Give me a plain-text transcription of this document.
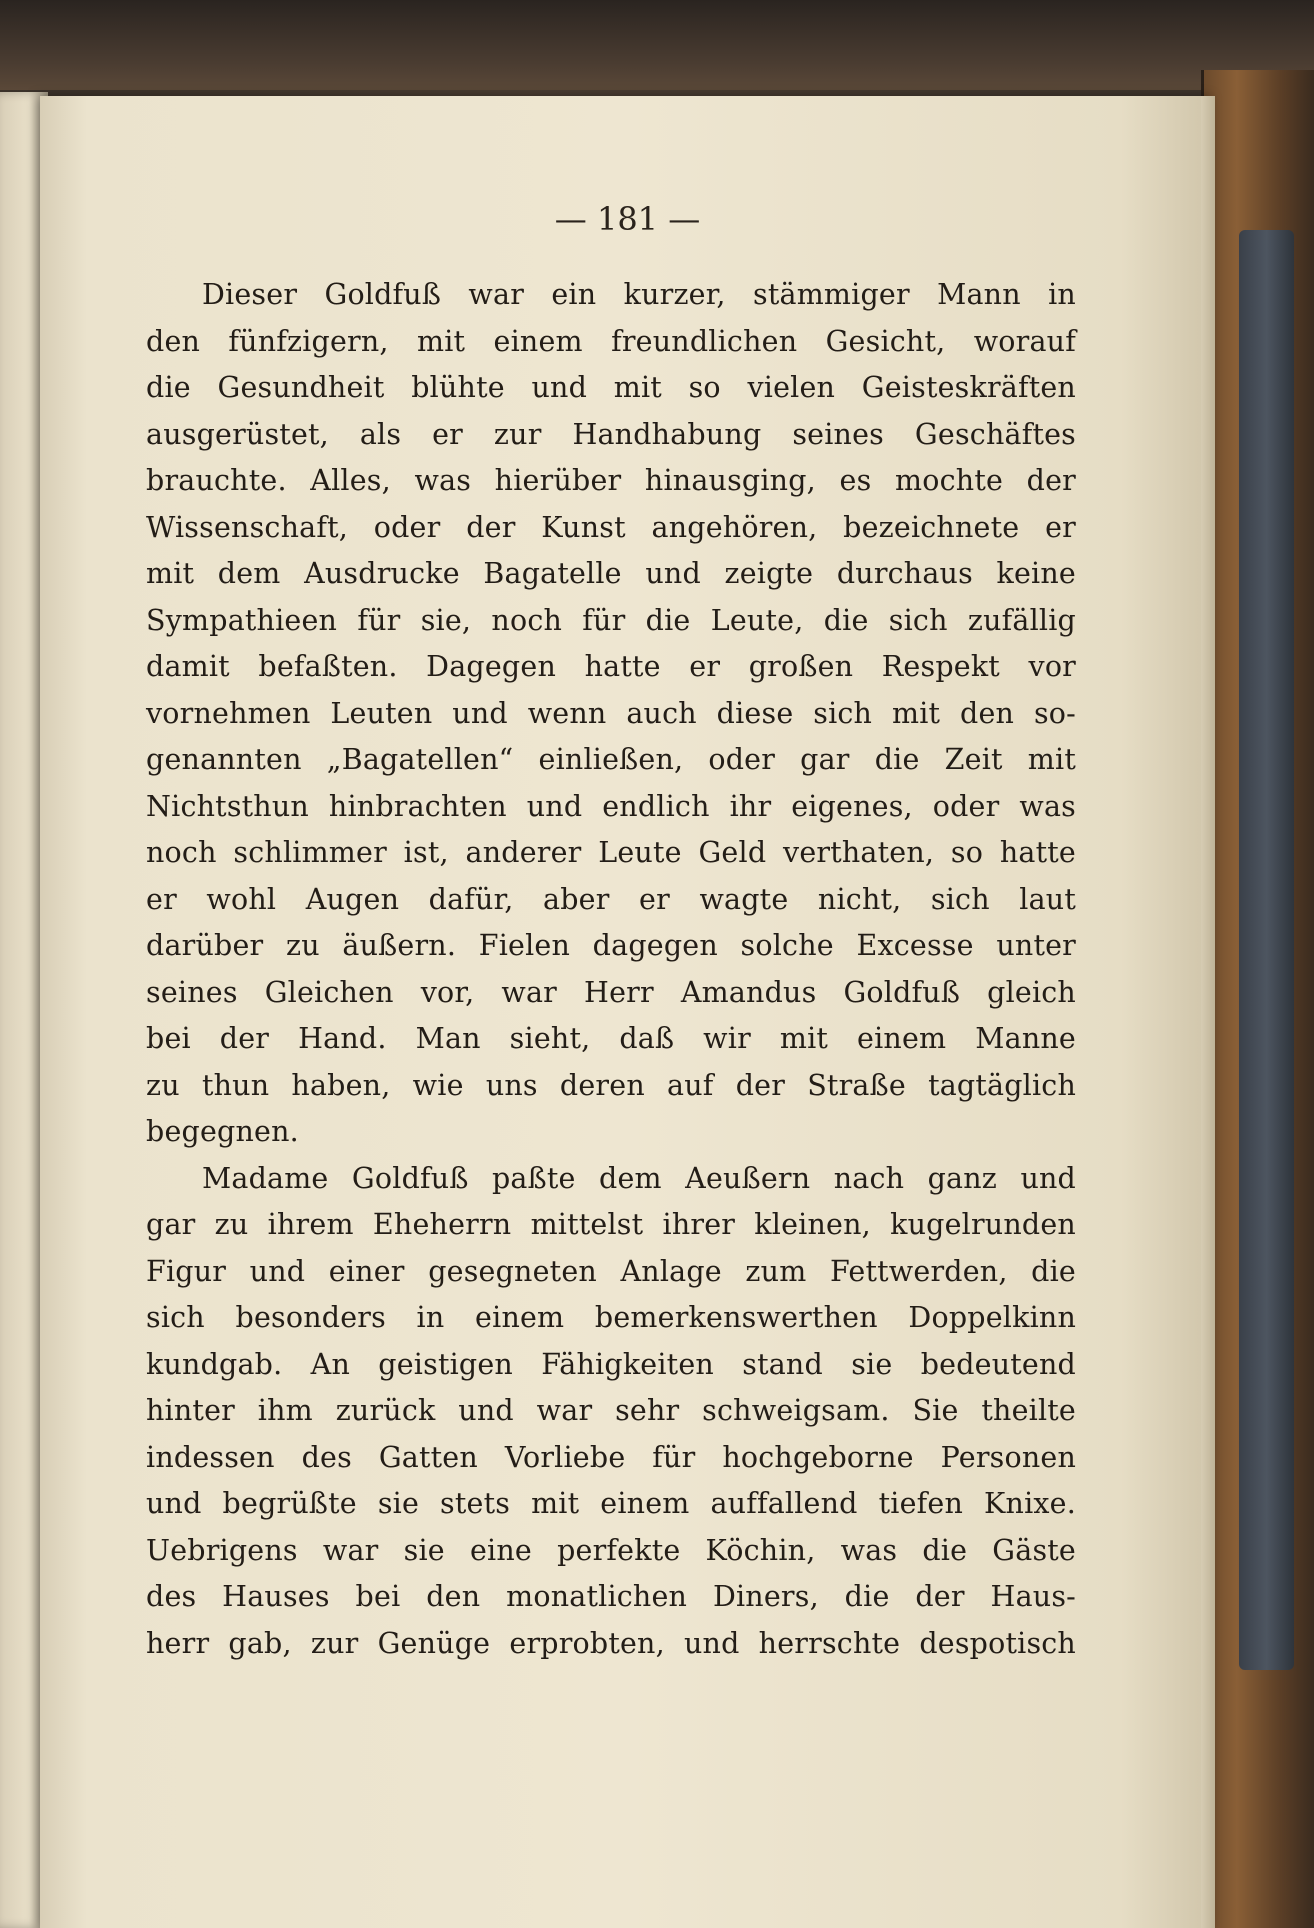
— 181 —
Dieser Goldfuß war ein kurzer, stämmiger Mann in
den fünfzigern, mit einem freundlichen Gesicht, worauf
die Gesundheit blühte und mit so vielen Geisteskräften
ausgerüstet, als er zur Handhabung seines Geschäftes
brauchte. Alles, was hierüber hinausging, es mochte der
Wissenschaft, oder der Kunst angehören, bezeichnete er
mit dem Ausdrucke Bagatelle und zeigte durchaus keine
Sympathieen für sie, noch für die Leute, die sich zufällig
damit befaßten. Dagegen hatte er großen Respekt vor
vornehmen Leuten und wenn auch diese sich mit den so-
genannten „Bagatellen“ einließen, oder gar die Zeit mit
Nichtsthun hinbrachten und endlich ihr eigenes, oder was
noch schlimmer ist, anderer Leute Geld verthaten, so hatte
er wohl Augen dafür, aber er wagte nicht, sich laut
darüber zu äußern. Fielen dagegen solche Excesse unter
seines Gleichen vor, war Herr Amandus Goldfuß gleich
bei der Hand. Man sieht, daß wir mit einem Manne
zu thun haben, wie uns deren auf der Straße tagtäglich
begegnen.
Madame Goldfuß paßte dem Aeußern nach ganz und
gar zu ihrem Eheherrn mittelst ihrer kleinen, kugelrunden
Figur und einer gesegneten Anlage zum Fettwerden, die
sich besonders in einem bemerkenswerthen Doppelkinn
kundgab. An geistigen Fähigkeiten stand sie bedeutend
hinter ihm zurück und war sehr schweigsam. Sie theilte
indessen des Gatten Vorliebe für hochgeborne Personen
und begrüßte sie stets mit einem auffallend tiefen Knixe.
Uebrigens war sie eine perfekte Köchin, was die Gäste
des Hauses bei den monatlichen Diners, die der Haus-
herr gab, zur Genüge erprobten, und herrschte despotisch
